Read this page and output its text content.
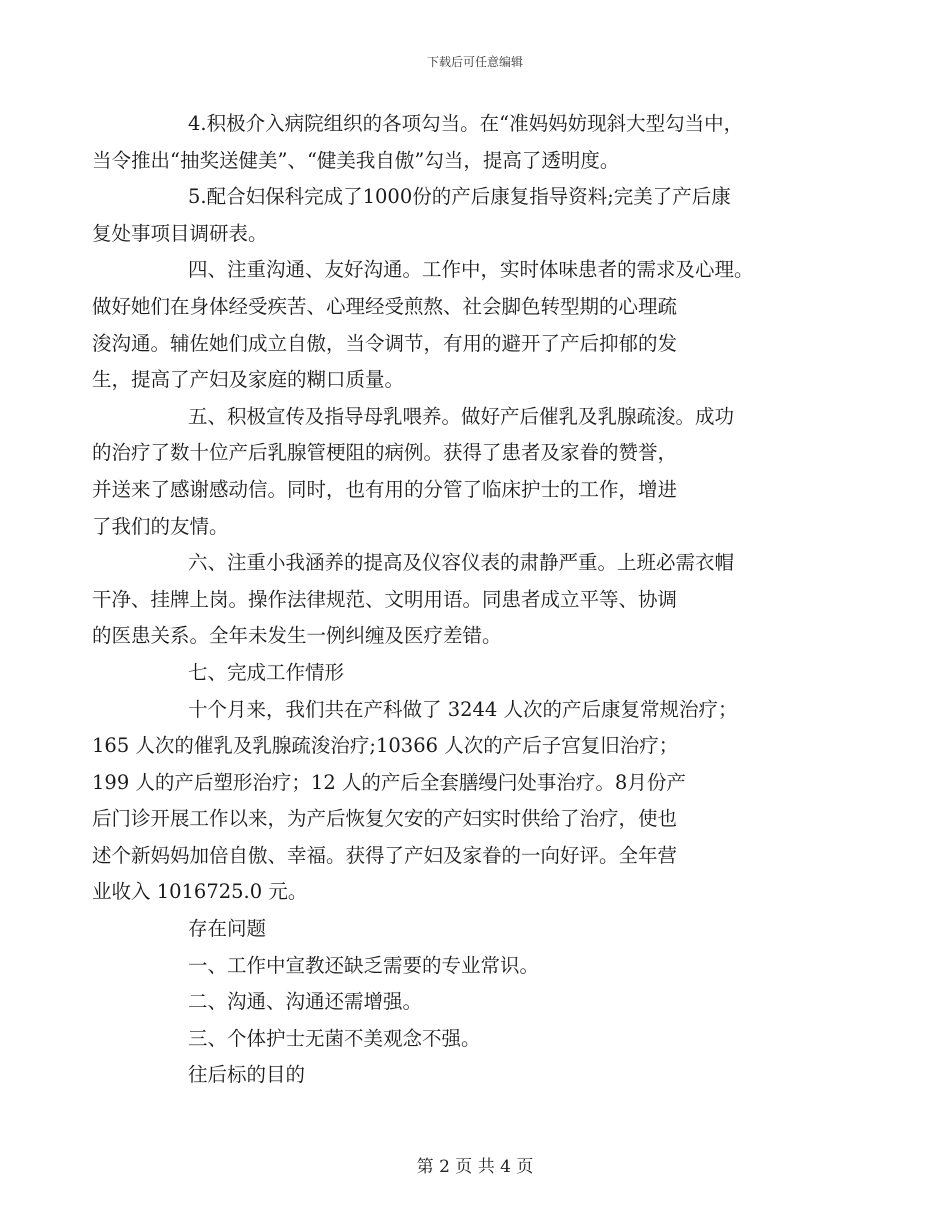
下载后可任意编辑

4.积极介入病院组织的各项勾当。在“准妈妈妨现斜大型勾当中，
当令推出“抽奖送健美”、“健美我自傲”勾当，提高了透明度。

5.配合妇保科完成了1000份的产后康复指导资料;完美了产后康
复处事项目调研表。

四、注重沟通、友好沟通。工作中，实时体味患者的需求及心理。
做好她们在身体经受疾苦、心理经受煎熬、社会脚色转型期的心理疏
浚沟通。辅佐她们成立自傲，当令调节，有用的避开了产后抑郁的发
生，提高了产妇及家庭的糊口质量。

五、积极宣传及指导母乳喂养。做好产后催乳及乳腺疏浚。成功
的治疗了数十位产后乳腺管梗阻的病例。获得了患者及家眷的赞誉，
并送来了感谢感动信。同时，也有用的分管了临床护士的工作，增进
了我们的友情。

六、注重小我涵养的提高及仪容仪表的肃静严重。上班必需衣帽
干净、挂牌上岗。操作法律规范、文明用语。同患者成立平等、协调
的医患关系。全年未发生一例纠缠及医疗差错。

七、完成工作情形

十个月来，我们共在产科做了 3244 人次的产后康复常规治疗；
165 人次的催乳及乳腺疏浚治疗;10366 人次的产后子宫复旧治疗；
199 人的产后塑形治疗；12 人的产后全套膳缦闩处事治疗。8月份产
后门诊开展工作以来，为产后恢复欠安的产妇实时供给了治疗，使也
述个新妈妈加倍自傲、幸福。获得了产妇及家眷的一向好评。全年营
业收入 1016725.0 元。

存在问题

一、工作中宣教还缺乏需要的专业常识。

二、沟通、沟通还需增强。

三、个体护士无菌不美观念不强。

往后标的目的

第 2 页 共 4 页
